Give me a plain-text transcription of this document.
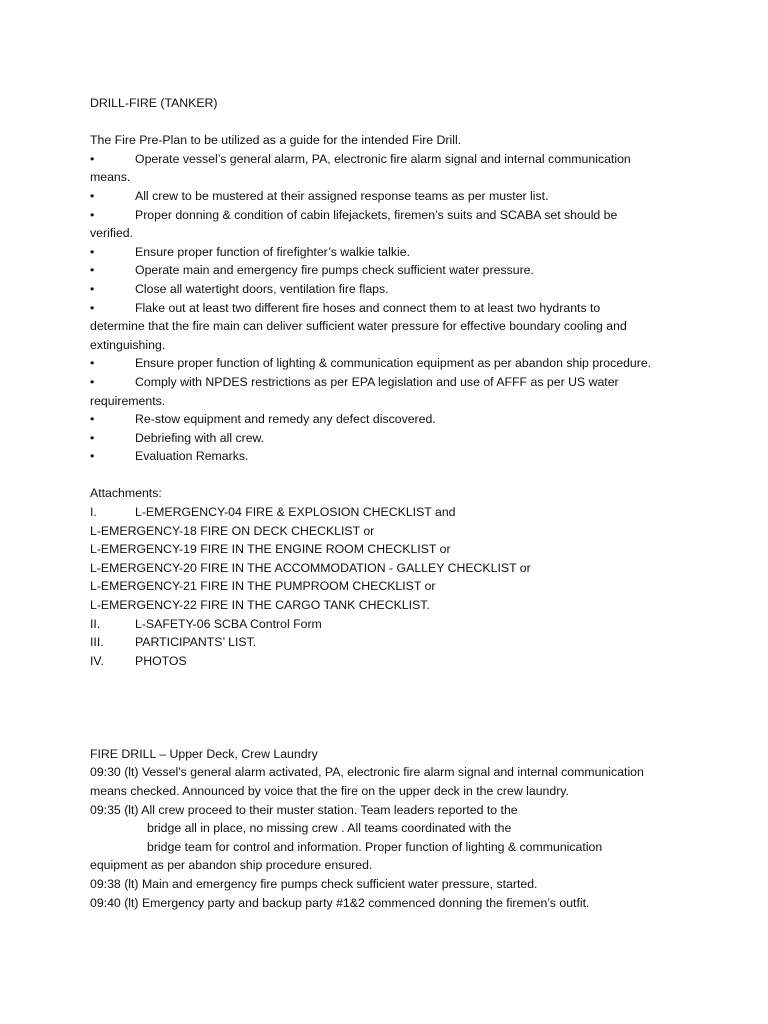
DRILL-FIRE (TANKER)
The Fire Pre-Plan to be utilized as a guide for the intended Fire Drill.
•	Operate vessel’s general alarm, PA, electronic fire alarm signal and internal communication
means.
•	All crew to be mustered at their assigned response teams as per muster list.
•	Proper donning & condition of cabin lifejackets, firemen’s suits and SCABA set should be
verified.
•	Ensure proper function of firefighter’s walkie talkie.
•	Operate main and emergency fire pumps check sufficient water pressure.
•	Close all watertight doors, ventilation fire flaps.
•	Flake out at least two different fire hoses and connect them to at least two hydrants to
determine that the fire main can deliver sufficient water pressure for effective boundary cooling and
extinguishing.
•	Ensure proper function of lighting & communication equipment as per abandon ship procedure.
•	Comply with NPDES restrictions as per EPA legislation and use of AFFF as per US water
requirements.
•	Re-stow equipment and remedy any defect discovered.
•	Debriefing with all crew.
•	Evaluation Remarks.
Attachments:
I.	L-EMERGENCY-04 FIRE & EXPLOSION CHECKLIST and
L-EMERGENCY-18 FIRE ON DECK CHECKLIST or
L-EMERGENCY-19 FIRE IN THE ENGINE ROOM CHECKLIST or
L-EMERGENCY-20 FIRE IN THE ACCOMMODATION - GALLEY CHECKLIST or
L-EMERGENCY-21 FIRE IN THE PUMPROOM CHECKLIST or
L-EMERGENCY-22 FIRE IN THE CARGO TANK CHECKLIST.
II.	L-SAFETY-06 SCBA Control Form
III.	PARTICIPANTS’ LIST.
IV.	PHOTOS
FIRE DRILL – Upper Deck, Crew Laundry
09:30 (lt) Vessel’s general alarm activated, PA, electronic fire alarm signal and internal communication
means checked. Announced by voice that the fire on the upper deck in the crew laundry.
09:35 (lt) All crew proceed to their muster station. Team leaders reported to the
bridge all in place, no missing crew . All teams coordinated with the
bridge team for control and information. Proper function of lighting & communication
equipment as per abandon ship procedure ensured.
09:38 (lt) Main and emergency fire pumps check sufficient water pressure, started.
09:40 (lt) Emergency party and backup party #1&2 commenced donning the firemen’s outfit.
